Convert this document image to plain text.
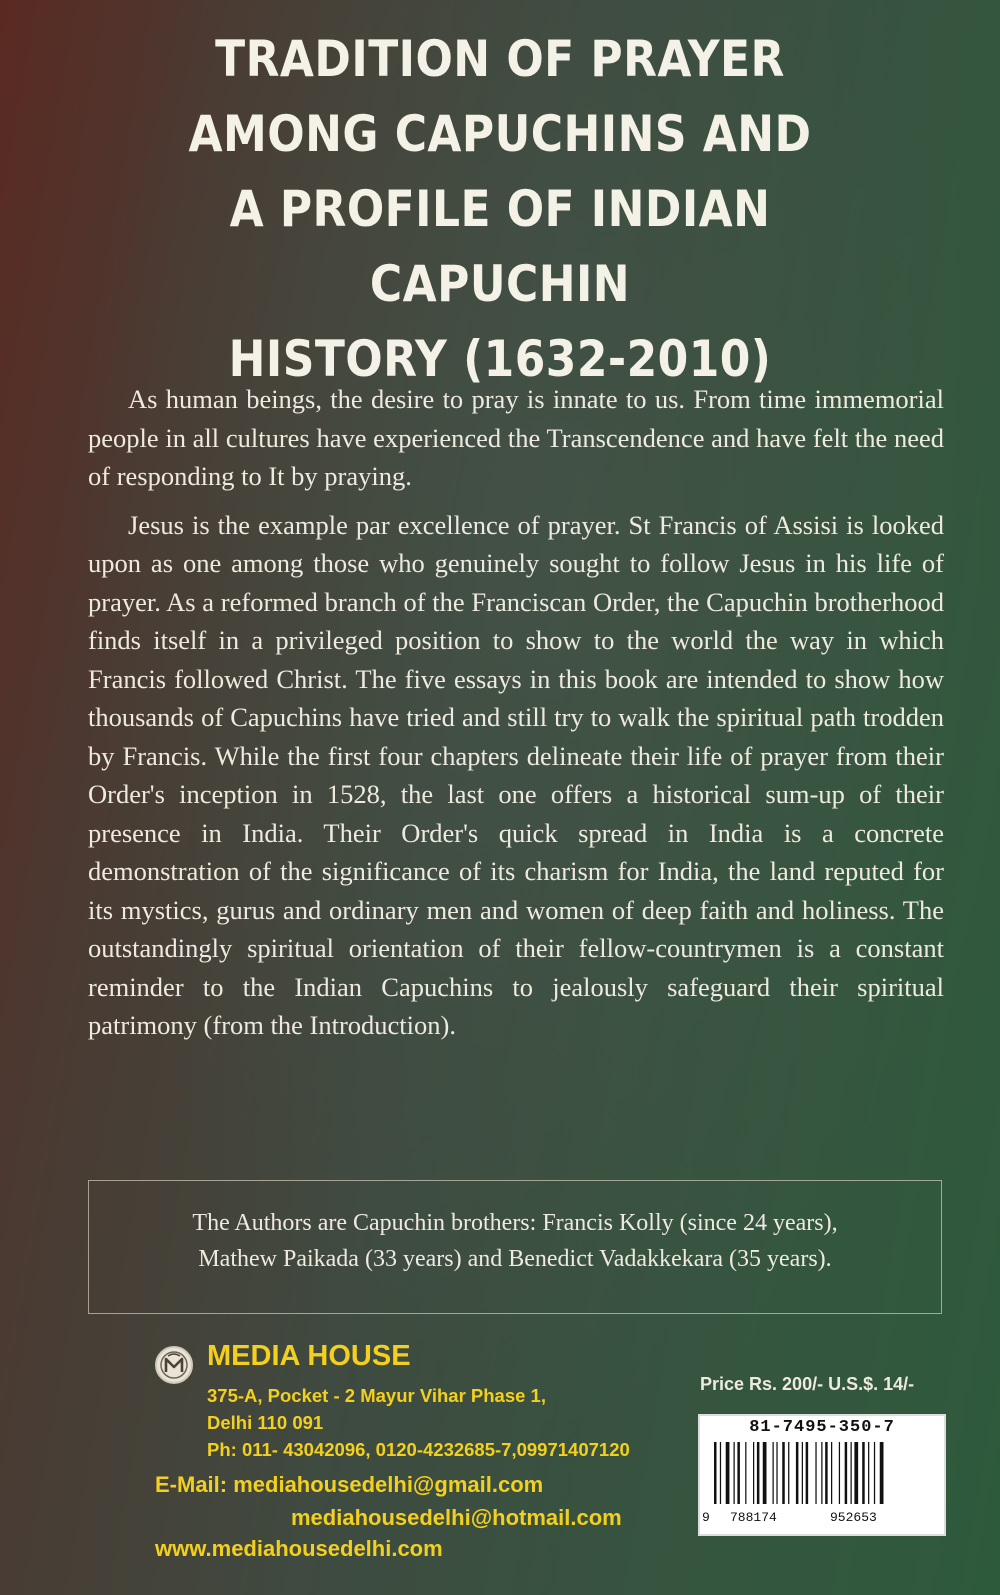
TRADITION OF PRAYER
AMONG CAPUCHINS AND
A PROFILE OF INDIAN CAPUCHIN
HISTORY (1632-2010)

As human beings, the desire to pray is innate to us. From time immemorial people in all cultures have experienced the Transcendence and have felt the need of responding to It by praying.

Jesus is the example par excellence of prayer. St Francis of Assisi is looked upon as one among those who genuinely sought to follow Jesus in his life of prayer. As a reformed branch of the Franciscan Order, the Capuchin brotherhood finds itself in a privileged position to show to the world the way in which Francis followed Christ. The five essays in this book are intended to show how thousands of Capuchins have tried and still try to walk the spiritual path trodden by Francis. While the first four chapters delineate their life of prayer from their Order's inception in 1528, the last one offers a historical sum-up of their presence in India. Their Order's quick spread in India is a concrete demonstration of the significance of its charism for India, the land reputed for its mystics, gurus and ordinary men and women of deep faith and holiness. The outstandingly spiritual orientation of their fellow-countrymen is a constant reminder to the Indian Capuchins to jealously safeguard their spiritual patrimony (from the Introduction).

The Authors are Capuchin brothers: Francis Kolly (since 24 years),
Mathew Paikada (33 years) and Benedict Vadakkekara (35 years).
MEDIA HOUSE
375-A, Pocket - 2 Mayur Vihar Phase 1,
Delhi 110 091
Ph: 011- 43042096, 0120-4232685-7,09971407120
E-Mail: mediahousedelhi@gmail.com
mediahousedelhi@hotmail.com
www.mediahousedelhi.com
Price Rs. 200/- U.S.$. 14/-
81-7495-350-7
9 788174	952653
